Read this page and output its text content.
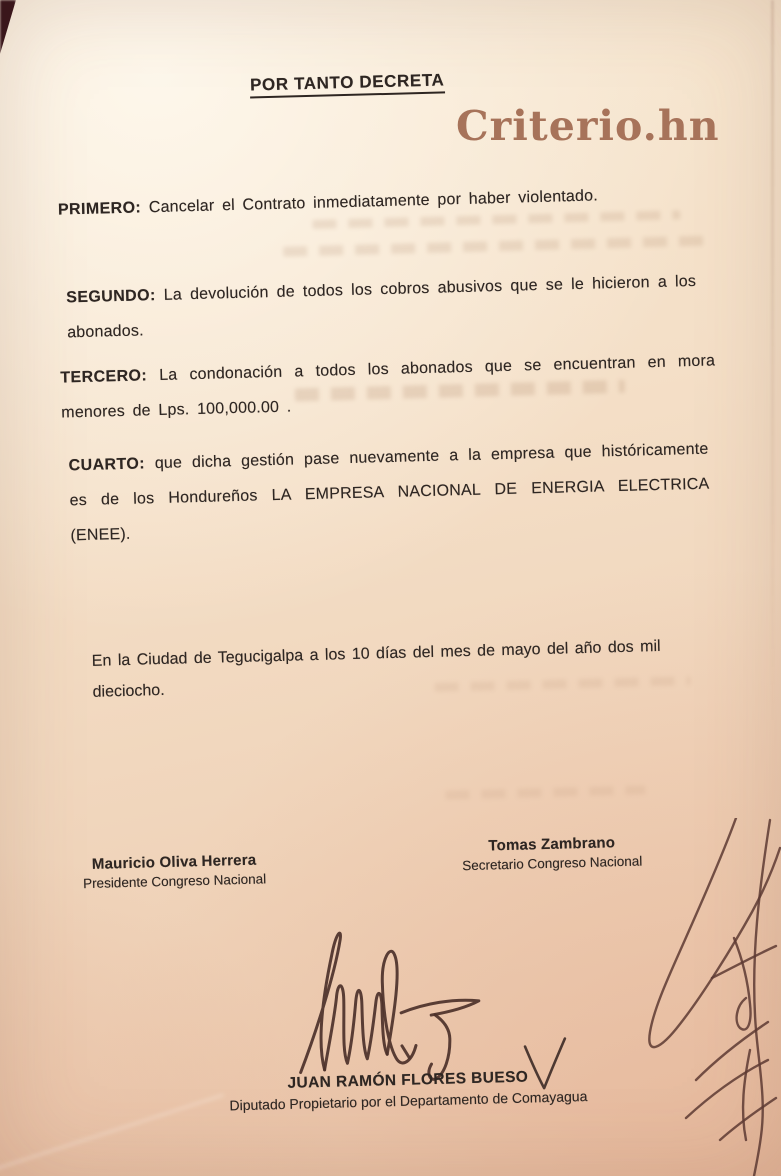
POR TANTO DECRETA

PRIMERO: Cancelar el Contrato inmediatamente por haber violentado.

SEGUNDO: La devolución de todos los cobros abusivos que se le hicieron a los abonados.

TERCERO: La condonación a todos los abonados que se encuentran en mora menores de Lps. 100,000.00 .

CUARTO: que dicha gestión pase nuevamente a la empresa que históricamente es de los Hondureños LA EMPRESA NACIONAL DE ENERGIA ELECTRICA (ENEE).

En la Ciudad de Tegucigalpa a los 10 días del mes de mayo del año dos mil dieciocho.

Mauricio Oliva Herrera
Presidente Congreso Nacional
Tomas Zambrano
Secretario Congreso Nacional
JUAN RAMÓN FLORES BUESO
Diputado Propietario por el Departamento de Comayagua
Criterio.hn
